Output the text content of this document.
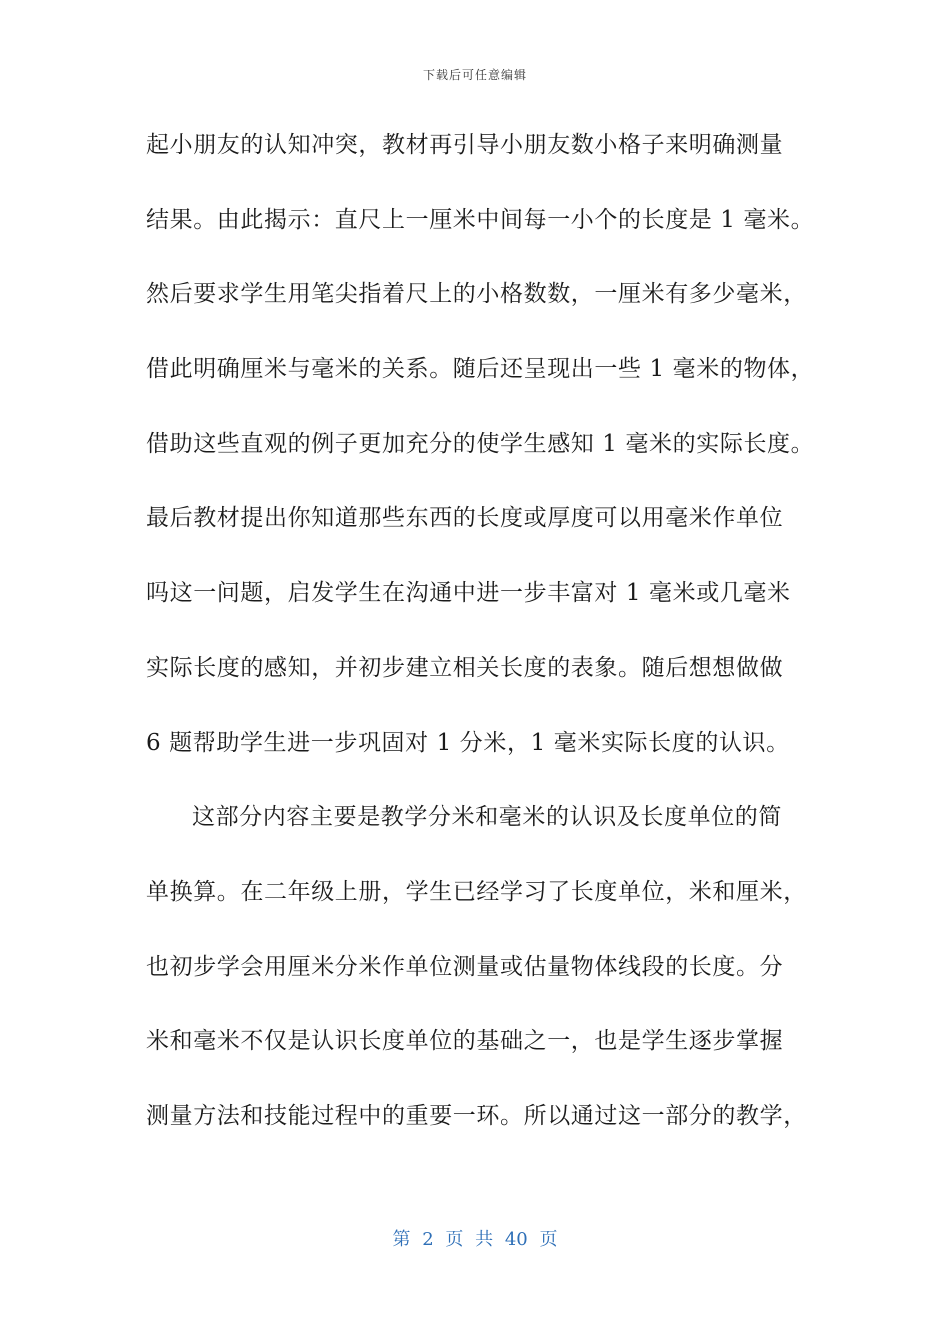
下载后可任意编辑
起小朋友的认知冲突，教材再引导小朋友数小格子来明确测量
结果。由此揭示：直尺上一厘米中间每一小个的长度是 1 毫米。
然后要求学生用笔尖指着尺上的小格数数，一厘米有多少毫米，
借此明确厘米与毫米的关系。随后还呈现出一些 1 毫米的物体，
借助这些直观的例子更加充分的使学生感知 1 毫米的实际长度。
最后教材提出你知道那些东西的长度或厚度可以用毫米作单位
吗这一问题，启发学生在沟通中进一步丰富对 1 毫米或几毫米
实际长度的感知，并初步建立相关长度的表象。随后想想做做
6 题帮助学生进一步巩固对 1 分米，1 毫米实际长度的认识。
这部分内容主要是教学分米和毫米的认识及长度单位的简
单换算。在二年级上册，学生已经学习了长度单位，米和厘米，
也初步学会用厘米分米作单位测量或估量物体线段的长度。分
米和毫米不仅是认识长度单位的基础之一，也是学生逐步掌握
测量方法和技能过程中的重要一环。所以通过这一部分的教学，
第 2 页 共 40 页
